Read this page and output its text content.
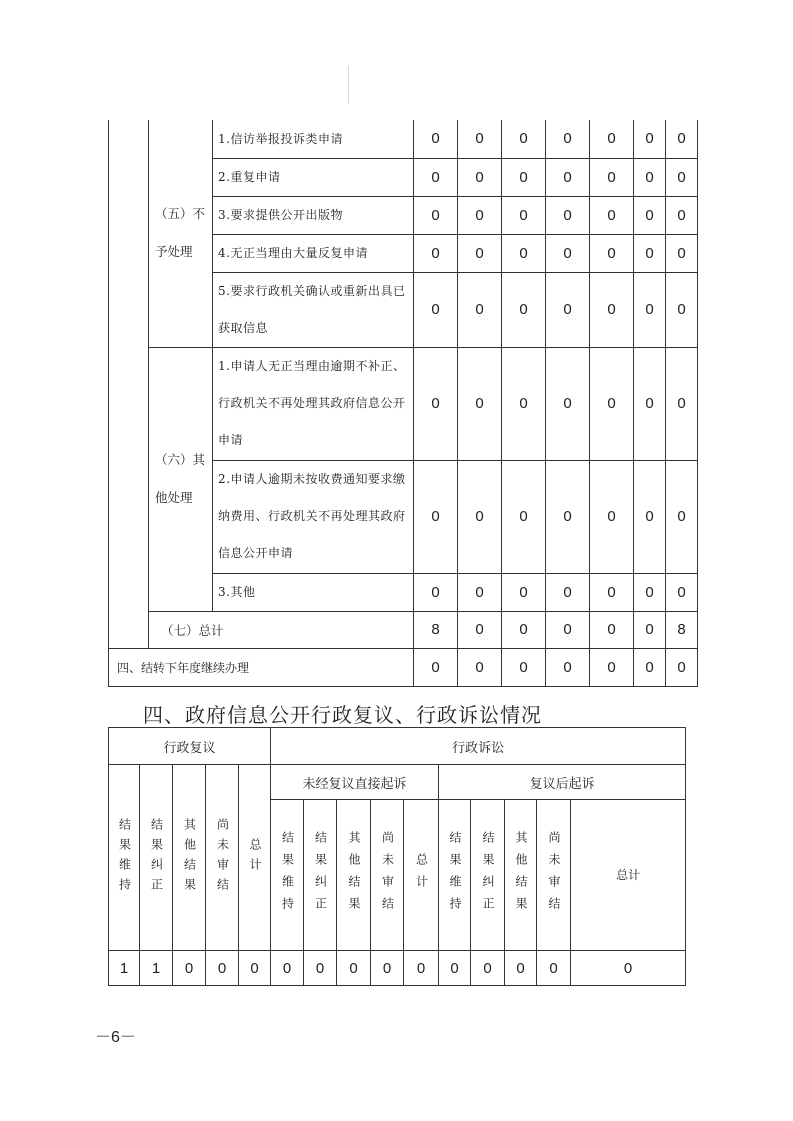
	（五）不予处理	1.信访举报投诉类申请	0	0	0	0	0	0	0
		2.重复申请	0	0	0	0	0	0	0
		3.要求提供公开出版物	0	0	0	0	0	0	0
		4.无正当理由大量反复申请	0	0	0	0	0	0	0
		5.要求行政机关确认或重新出具已获取信息	0	0	0	0	0	0	0
	（六）其他处理	1.申请人无正当理由逾期不补正、行政机关不再处理其政府信息公开申请	0	0	0	0	0	0	0
		2.申请人逾期未按收费通知要求缴纳费用、行政机关不再处理其政府信息公开申请	0	0	0	0	0	0	0
		3.其他	0	0	0	0	0	0	0
	（七）总计		8	0	0	0	0	0	8
四、结转下年度继续办理			0	0	0	0	0	0	0
四、政府信息公开行政复议、行政诉讼情况
行政复议					行政诉讼									
结果维持	结果纠正	其他结果	尚未审结	总计	未经复议直接起诉					复议后起诉				
					结果维持	结果纠正	其他结果	尚未审结	总计	结果维持	结果纠正	其他结果	尚未审结	总计
1	1	0	0	0	0	0	0	0	0	0	0	0	0	0
－6－
